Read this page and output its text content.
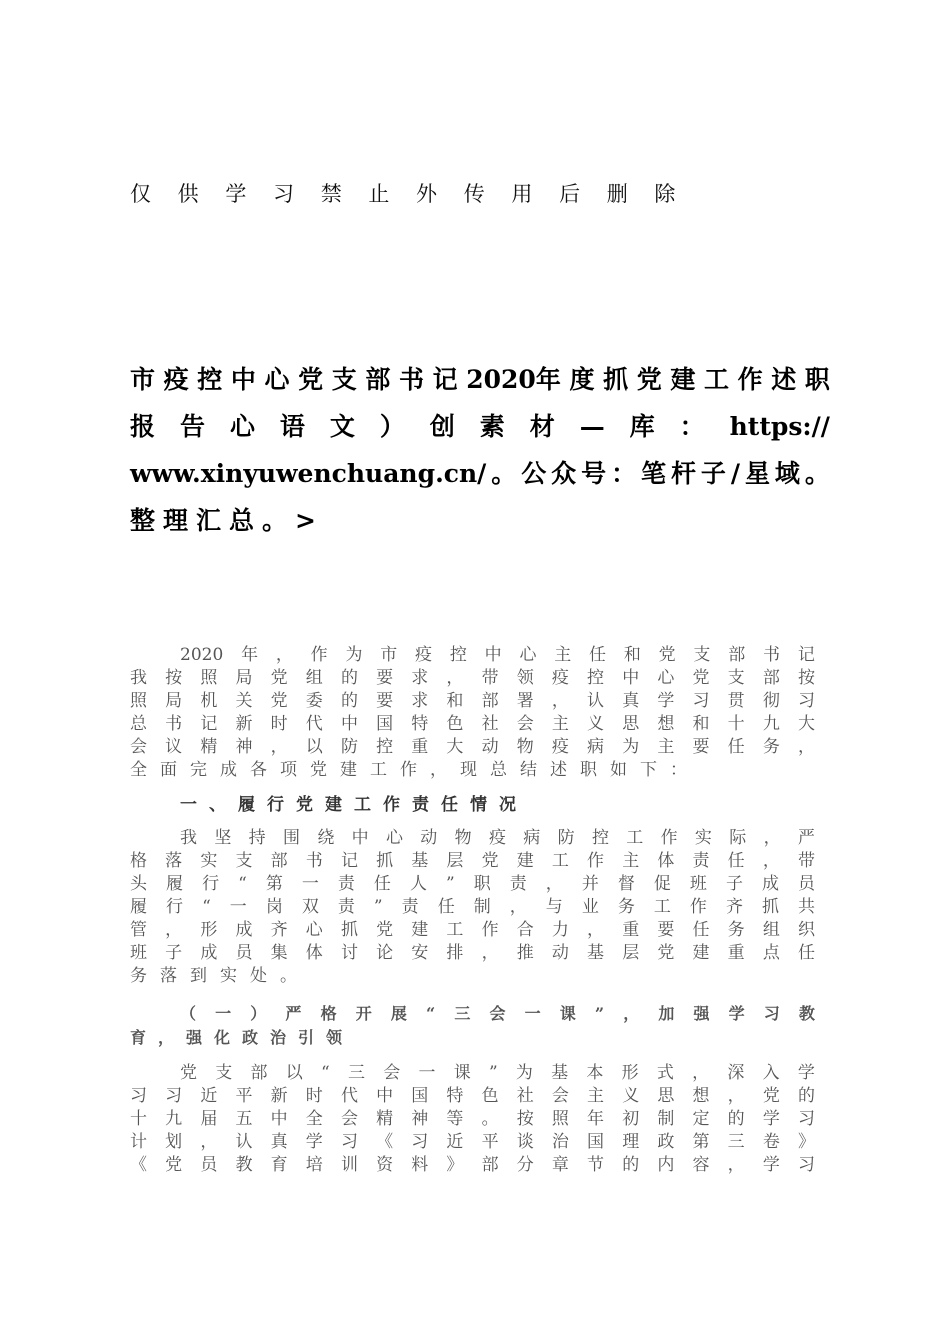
仅 供 学 习 禁 止 外 传 用 后 删 除
市 疫 控 中 心 党 支 部 书 记 2020年 度 抓 党 建 工 作 述 职
报 告 心 语 文 ） 创 素 材 — 库 ： https://
www.xinyuwenchuang.cn/ 。 公 众 号 ： 笔 杆 子 / 星 域 。
整理汇总。>
2020 年 ， 作 为 市 疫 控 中 心 主 任 和 党 支 部 书 记
我 按 照 局 党 组 的 要 求 ， 带 领 疫 控 中 心 党 支 部 按
照 局 机 关 党 委 的 要 求 和 部 署 ， 认 真 学 习 贯 彻 习
总 书 记 新 时 代 中 国 特 色 社 会 主 义 思 想 和 十 九 大
会 议 精 神 ， 以 防 控 重 大 动 物 疫 病 为 主 要 任 务 ，
全面完成各项党建工作，现总结述职如下：
一、履行党建工作责任情况
我 坚 持 围 绕 中 心 动 物 疫 病 防 控 工 作 实 际 ， 严
格 落 实 支 部 书 记 抓 基 层 党 建 工 作 主 体 责 任 ， 带
头 履 行 “ 第 一 责 任 人 ” 职 责 ， 并 督 促 班 子 成 员
履 行 “ 一 岗 双 责 ” 责 任 制 ， 与 业 务 工 作 齐 抓 共
管 ， 形 成 齐 心 抓 党 建 工 作 合 力 ， 重 要 任 务 组 织
班 子 成 员 集 体 讨 论 安 排 ， 推 动 基 层 党 建 重 点 任
务落到实处。
（ 一 ） 严 格 开 展 “ 三 会 一 课 ” ， 加 强 学 习 教
育，强化政治引领
党 支 部 以 “ 三 会 一 课 ” 为 基 本 形 式 ， 深 入 学
习 习 近 平 新 时 代 中 国 特 色 社 会 主 义 思 想 ， 党 的
十 九 届 五 中 全 会 精 神 等 。 按 照 年 初 制 定 的 学 习
计 划 ， 认 真 学 习 《 习 近 平 谈 治 国 理 政 第 三 卷 》
《 党 员 教 育 培 训 资 料 》 部 分 章 节 的 内 容 ， 学 习
